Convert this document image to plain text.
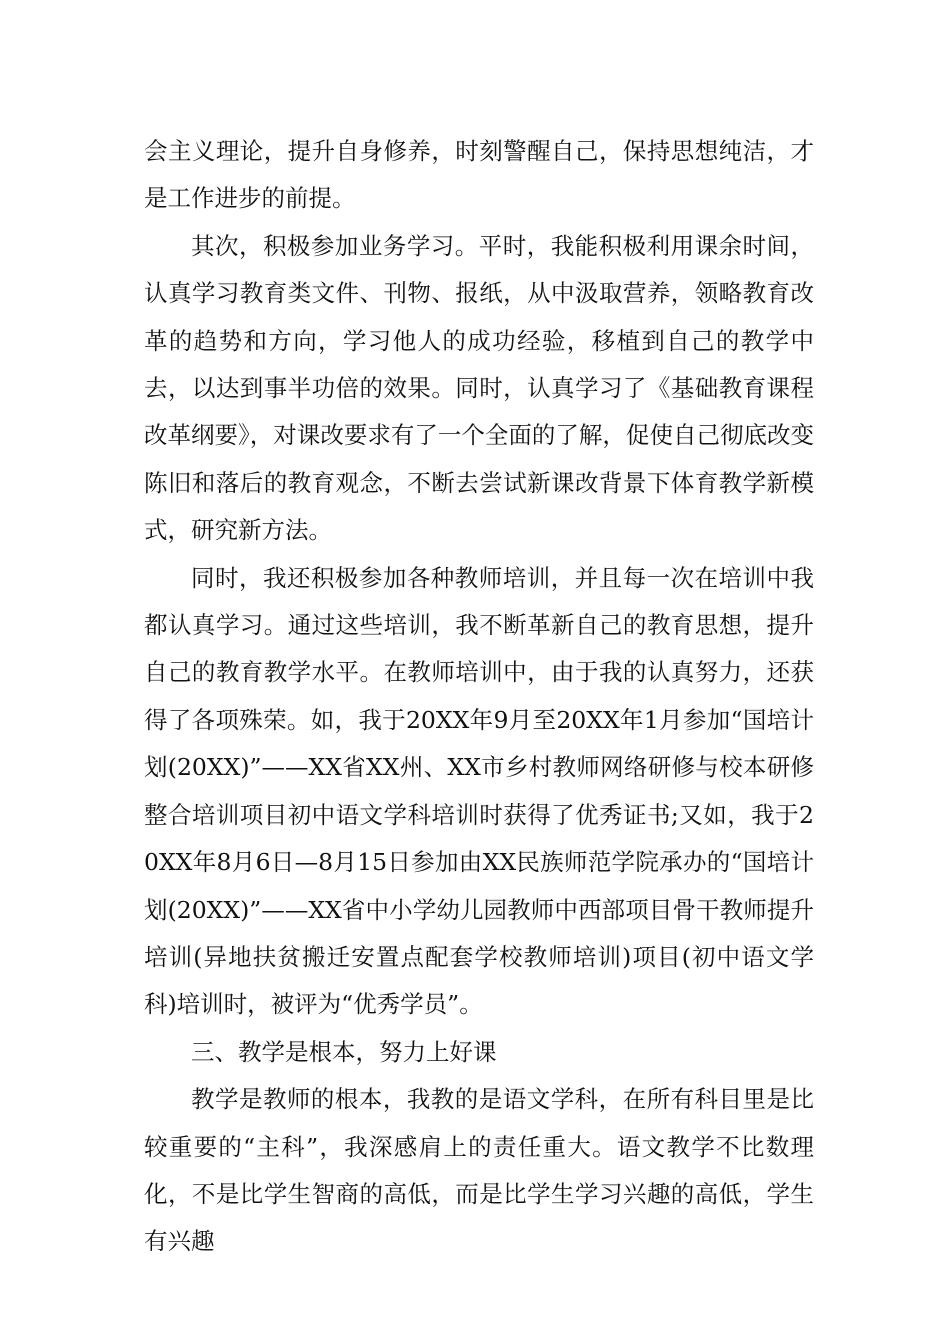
会主义理论，提升自身修养，时刻警醒自己，保持思想纯洁，才是工作进步的前提。

其次，积极参加业务学习。平时，我能积极利用课余时间，认真学习教育类文件、刊物、报纸，从中汲取营养，领略教育改革的趋势和方向，学习他人的成功经验，移植到自己的教学中去，以达到事半功倍的效果。同时，认真学习了《基础教育课程改革纲要》，对课改要求有了一个全面的了解，促使自己彻底改变陈旧和落后的教育观念，不断去尝试新课改背景下体育教学新模式，研究新方法。

同时，我还积极参加各种教师培训，并且每一次在培训中我都认真学习。通过这些培训，我不断革新自己的教育思想，提升自己的教育教学水平。在教师培训中，由于我的认真努力，还获得了各项殊荣。如，我于20XX年9月至20XX年1月参加“国培计划(20XX)”——XX省XX州、XX市乡村教师网络研修与校本研修整合培训项目初中语文学科培训时获得了优秀证书;又如，我于20XX年8月6日—8月15日参加由XX民族师范学院承办的“国培计划(20XX)”——XX省中小学幼儿园教师中西部项目骨干教师提升培训(异地扶贫搬迁安置点配套学校教师培训)项目(初中语文学科)培训时，被评为“优秀学员”。

三、教学是根本，努力上好课

教学是教师的根本，我教的是语文学科，在所有科目里是比较重要的“主科”，我深感肩上的责任重大。语文教学不比数理化，不是比学生智商的高低，而是比学生学习兴趣的高低，学生有兴趣
